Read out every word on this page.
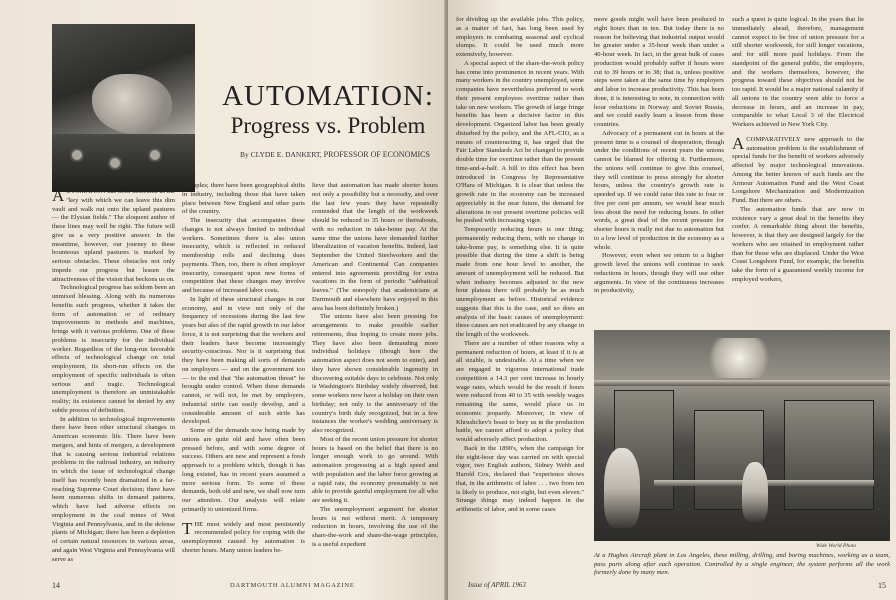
AUTOMATION:
Progress vs. Problem
By CLYDE E. DANKERT, PROFESSOR OF ECONOMICS

AUTOMATION has been described as the "key with which we can leave this dim vault and walk out onto the upland pastures — the Elysian fields." The eloquent author of these lines may well be right. The future will give us a very positive answer. In the meantime, however, our journey to these bounteous upland pastures is marked by serious obstacles. These obstacles not only impede our progress but lessen the attractiveness of the vision that beckons us on.

Technological progress has seldom been an unmixed blessing. Along with its numerous benefits such progress, whether it takes the form of automation or of ordinary improvements in methods and machines, brings with it various problems. One of these problems is insecurity for the individual worker. Regardless of the long-run favorable effects of technological change on total employment, its short-run effects on the employment of specific individuals is often serious and tragic. Technological unemployment is therefore an unmistakable reality; its existence cannot be denied by any subtle process of definition.

In addition to technological improvements there have been other structural changes in American economic life. There have been mergers, and hints of mergers, a development that is causing serious industrial relations problems in the railroad industry, an industry in which the issue of technological change itself has recently been dramatized in a far-reaching Supreme Court decision; there have been numerous shifts in demand patterns, which have had adverse effects on employment in the coal mines of West Virginia and Pennsylvania, and in the defense plants of Michigan; there has been a depletion of certain natural resources in various areas, and again West Virginia and Pennsylvania will serve as

examples; there have been geographical shifts in industry, including those that have taken place between New England and other parts of the country.

The insecurity that accompanies these changes is not always limited to individual workers. Sometimes there is also union insecurity, which is reflected in reduced membership rolls and declining dues payments. Then, too, there is often employer insecurity, consequent upon new forms of competition that these changes may involve and because of increased labor costs.

In light of these structural changes in our economy, and in view not only of the frequency of recessions during the last few years but also of the rapid growth in our labor force, it is not surprising that the workers and their leaders have become increasingly security-conscious. Nor is it surprising that they have been making all sorts of demands on employers — and on the government too — to the end that "the automation threat" be brought under control. When these demands cannot, or will not, be met by employers, industrial strife can easily develop, and a considerable amount of such strife has developed.

Some of the demands now being made by unions are quite old and have often been pressed before, and with some degree of success. Others are new and represent a fresh approach to a problem which, though it has long existed, has in recent years assumed a more serious form. To some of these demands, both old and new, we shall now turn our attention. Our analysis will relate primarily to unionized firms.

THE most widely and most persistently recommended policy for coping with the unemployment caused by automation is shorter hours. Many union leaders be-

lieve that automation has made shorter hours not only a possibility but a necessity, and over the last few years they have repeatedly contended that the length of the workweek should be reduced to 35 hours or thereabouts, with no reduction in take-home pay. At the same time the unions have demanded further liberalization of vacation benefits. Indeed, last September the United Steelworkers and the American and Continental Can companies entered into agreements providing for extra vacations in the form of periodic "sabbatical leaves." (The nonopoly that academicians at Dartmouth and elsewhere have enjoyed in this area has been definitely broken.)

The unions have also been pressing for arrangements to make possible earlier retirements, thus hoping to create more jobs. They have also been demanding more individual holidays (though here the automation aspect does not seem to enter), and they have shown considerable ingenuity in discovering suitable days to celebrate. Not only is Washington's Birthday widely observed, but some workers now have a holiday on their own birthday; not only is the anniversary of the country's birth duly recognized, but in a few instances the worker's wedding anniversary is also recognized.

Most of the recent union pressure for shorter hours is based on the belief that there is no longer enough work to go around. With automation progressing at a high speed and with population and the labor force growing at a rapid rate, the economy presumably is not able to provide gainful employment for all who are seeking it.

The unemployment argument for shorter hours is not without merit. A temporary reduction in hours, involving the use of the share-the-work and share-the-wage principles, is a useful expedient

14	DARTMOUTH ALUMNI MAGAZINE

for dividing up the available jobs. This policy, as a matter of fact, has long been used by employers in combating seasonal and cyclical slumps. It could be used much more extensively, however.

A special aspect of the share-the-work policy has come into prominence in recent years. With many workers in the country unemployed, some companies have nevertheless preferred to work their present employees overtime rather than take on new workers. The growth of large fringe benefits has been a decisive factor in this development. Organized labor has been greatly disturbed by the policy, and the AFL-CIO, as a means of counteracting it, has urged that the Fair Labor Standards Act be changed to provide double time for overtime rather than the present time-and-a-half. A bill to this effect has been introduced in Congress by Representative O'Hara of Michigan. It is clear that unless the growth rate in the economy can be increased appreciably in the near future, the demand for alterations in our present overtime policies will be pushed with increasing vigor.

Temporarily reducing hours is one thing; permanently reducing them, with no change in take-home pay, is something else. It is quite possible that during the time a shift is being made from one hour level to another, the amount of unemployment will be reduced. But when industry becomes adjusted to the new hour plateau there will probably be as much unemployment as before. Historical evidence suggests that this is the case, and so does an analysis of the basic causes of unemployment: these causes are not eradicated by any change in the length of the workweek.

There are a number of other reasons why a permanent reduction of hours, at least if it is at all sizable, is undesirable. At a time when we are engaged in vigorous international trade competition a 14.3 per cent increase in hourly wage rates, which would be the result if hours were reduced from 40 to 35 with weekly wages remaining the same, would place us in economic jeopardy. Moreover, in view of Khrushchev's boast to bury us in the production battle, we cannot afford to adopt a policy that would adversely affect production.

Back in the 1890's, when the campaign for the eight-hour day was carried on with special vigor, two English authors, Sidney Webb and Harold Cox, declared that "experience shows that, in the arithmetic of labor . . . two from ten is likely to produce, not eight, but even eleven." Strange things may indeed happen in the arithmetic of labor, and in some cases

more goods might well have been produced in eight hours than in ten. But today there is no reason for believing that industrial output would be greater under a 35-hour week than under a 40-hour week. In fact, in the great bulk of cases production would probably suffer if hours were cut to 39 hours or to 38; that is, unless positive steps were taken at the same time by employers and labor to increase productivity. This has been done, it is interesting to note, in connection with hour reductions in Norway and Soviet Russia, and we could easily learn a lesson from these countries.

Advocacy of a permanent cut in hours at the present time is a counsel of desperation, though under the conditions of recent years the unions cannot be blamed for offering it. Furthermore, the unions will continue to give this counsel, they will continue to press strongly for shorter hours, unless the country's growth rate is speeded up. If we could raise this rate to four or five per cent per annum, we would hear much less about the need for reducing hours. In other words, a great deal of the recent pressure for shorter hours is really not due to automation but to a low level of production in the economy as a whole.

However, even when we return to a higher growth level the unions will continue to seek reductions in hours, though they will use other arguments. In view of the continuous increases in productivity,

such a quest is quite logical. In the years that lie immediately ahead, therefore, management cannot expect to be free of union pressure for a still shorter workweek, for still longer vacations, and for still more paid holidays. From the standpoint of the general public, the employers, and the workers themselves, however, the progress toward these objectives should not be too rapid. It would be a major national calamity if all unions in the country were able to force a decrease in hours, and an increase in pay, comparable to what Local 3 of the Electrical Workers achieved in New York City.

ACOMPARATIVELY new approach to the automation problem is the establishment of special funds for the benefit of workers adversely affected by major technological innovations. Among the better known of such funds are the Armour Automation Fund and the West Coast Longshore Mechanization and Modernization Fund. But there are others.

The automation funds that are now in existence vary a great deal in the benefits they confer. A remarkable thing about the benefits, however, is that they are designed largely for the workers who are retained in employment rather than for those who are displaced. Under the West Coast Longshore Fund, for example, the benefits take the form of a guaranteed weekly income for employed workers,

Wide World Photo
At a Hughes Aircraft plant in Los Angeles, these milling, drilling, and boring machines, working as a team, pass parts along after each operation. Controlled by a single engineer, the system performs all the work formerly done by many men.
Issue of APRIL 1963	15
